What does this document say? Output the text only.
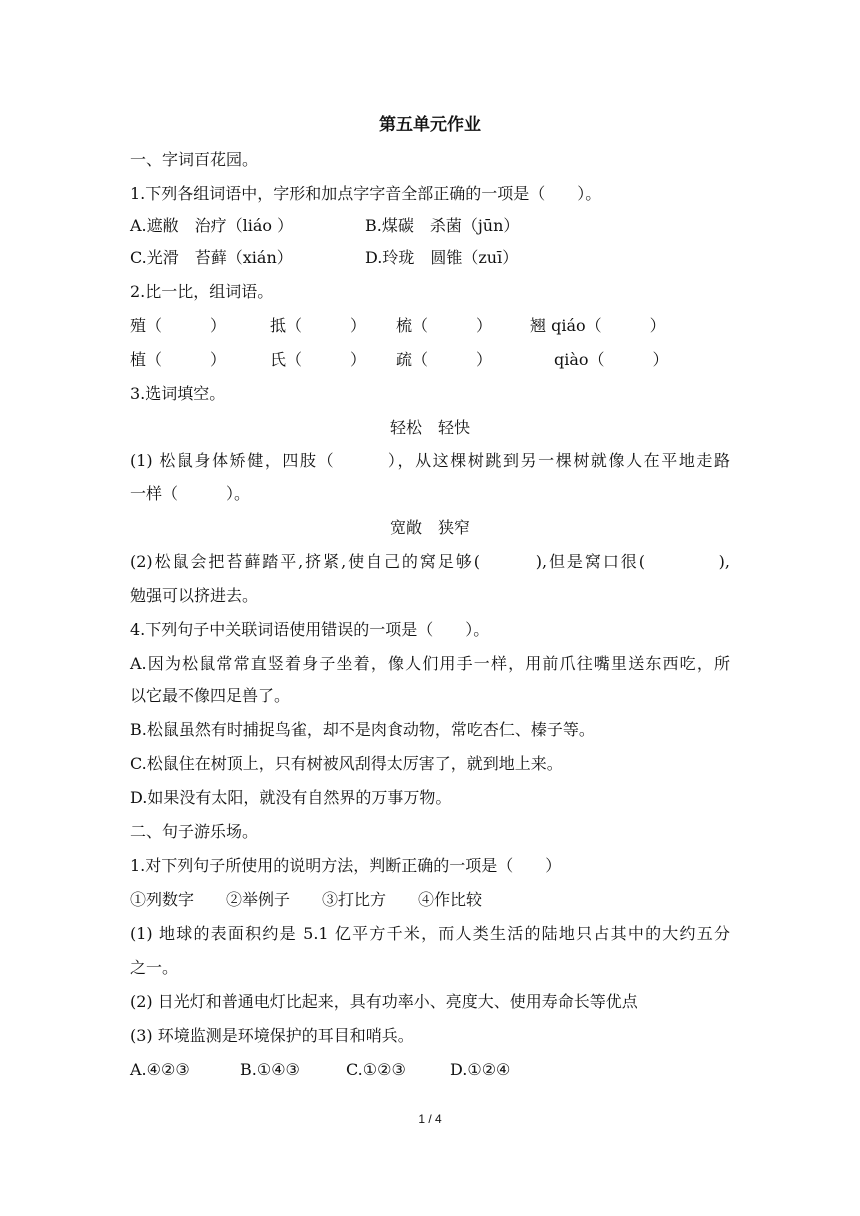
第五单元作业
一、字词百花园。
1.下列各组词语中，字形和加点字字音全部正确的一项是（　　）。
A.遮敝　治疗（liáo ）	B.煤碳　杀菌（jūn）
C.光滑　苔藓（xián）	D.玲珑　圆锥（zuī）
2.比一比，组词语。
殖（　　　）	抵（　　　） 梳（　　　） 翘 qiáo（　　　）
植（　　　）	氏（　　　） 疏（　　　）	qiào（　　　）
3.选词填空。
轻松　轻快
(1) 松鼠身体矫健，四肢（　　　），从这棵树跳到另一棵树就像人在平地走路
一样（　　　）。
宽敞　狭窄
(2)松鼠会把苔藓踏平,挤紧,使自己的窝足够(　　　),但是窝口很(　　　　),
勉强可以挤进去。
4.下列句子中关联词语使用错误的一项是（　　）。
A.因为松鼠常常直竖着身子坐着，像人们用手一样，用前爪往嘴里送东西吃，所
以它最不像四足兽了。
B.松鼠虽然有时捕捉鸟雀，却不是肉食动物，常吃杏仁、榛子等。
C.松鼠住在树顶上，只有树被风刮得太厉害了，就到地上来。
D.如果没有太阳，就没有自然界的万事万物。
二、句子游乐场。
1.对下列句子所使用的说明方法，判断正确的一项是（　　）
①列数字　　②举例子　　③打比方　　④作比较
(1) 地球的表面积约是 5.1 亿平方千米，而人类生活的陆地只占其中的大约五分
之一。
(2) 日光灯和普通电灯比起来，具有功率小、亮度大、使用寿命长等优点
(3) 环境监测是环境保护的耳目和哨兵。
A.④②③	B.①④③	C.①②③	D.①②④
1 / 4
